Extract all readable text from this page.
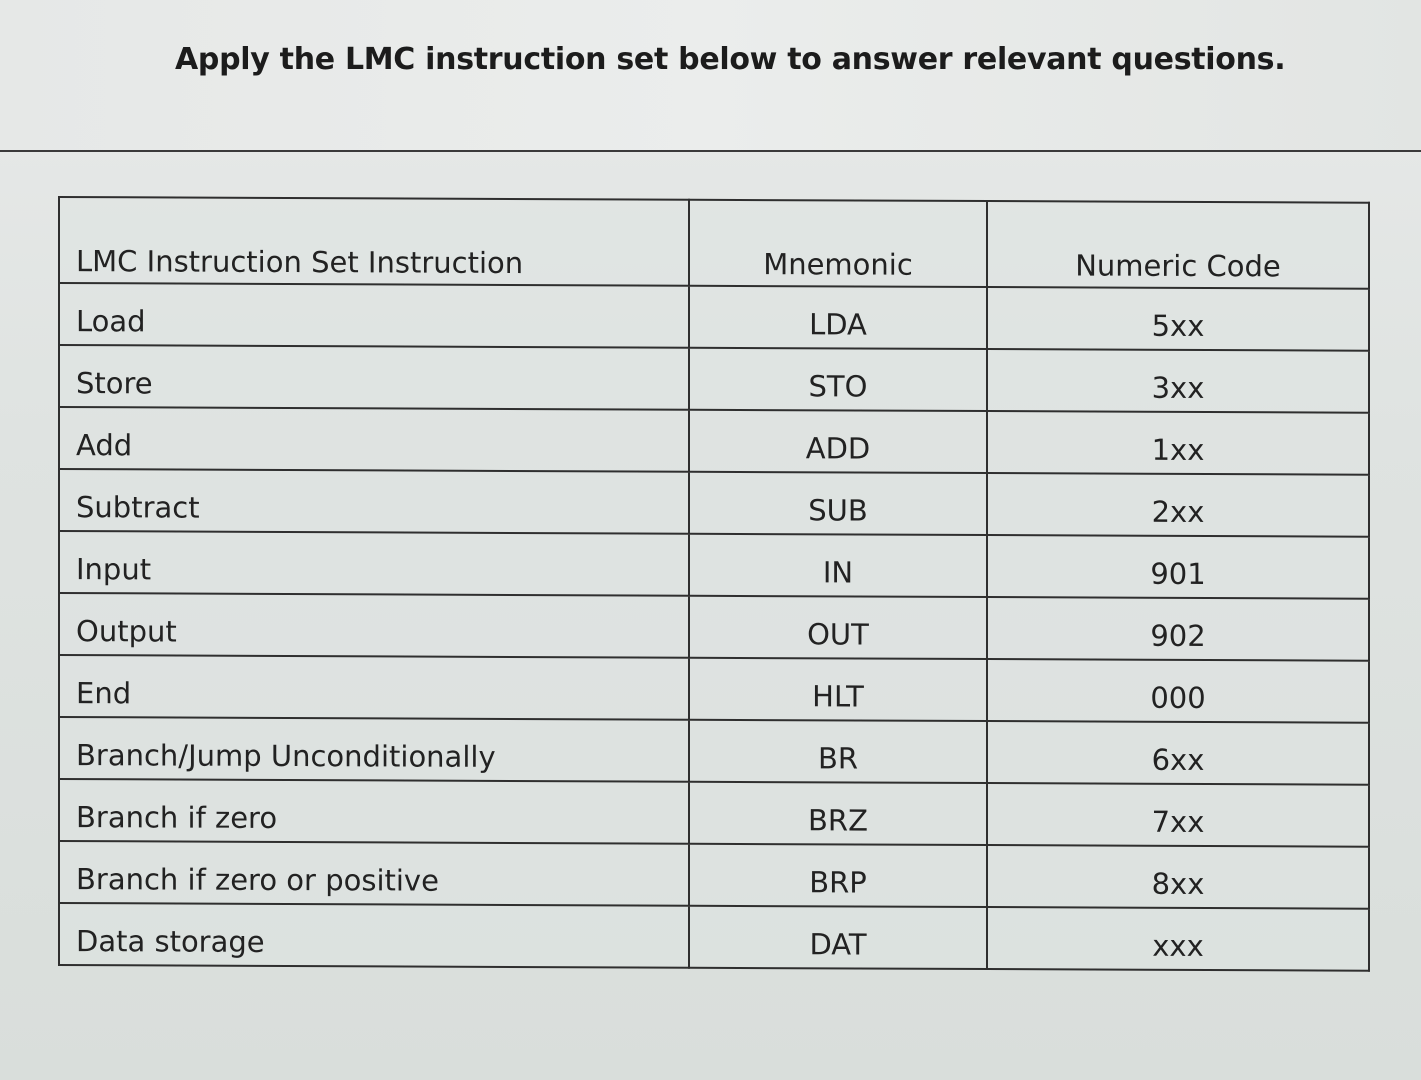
Apply the LMC instruction set below to answer relevant questions.
LMC Instruction Set Instruction	Mnemonic	Numeric Code
Load	LDA	5xx
Store	STO	3xx
Add	ADD	1xx
Subtract	SUB	2xx
Input	IN	901
Output	OUT	902
End	HLT	000
Branch/Jump Unconditionally	BR	6xx
Branch if zero	BRZ	7xx
Branch if zero or positive	BRP	8xx
Data storage	DAT	xxx
